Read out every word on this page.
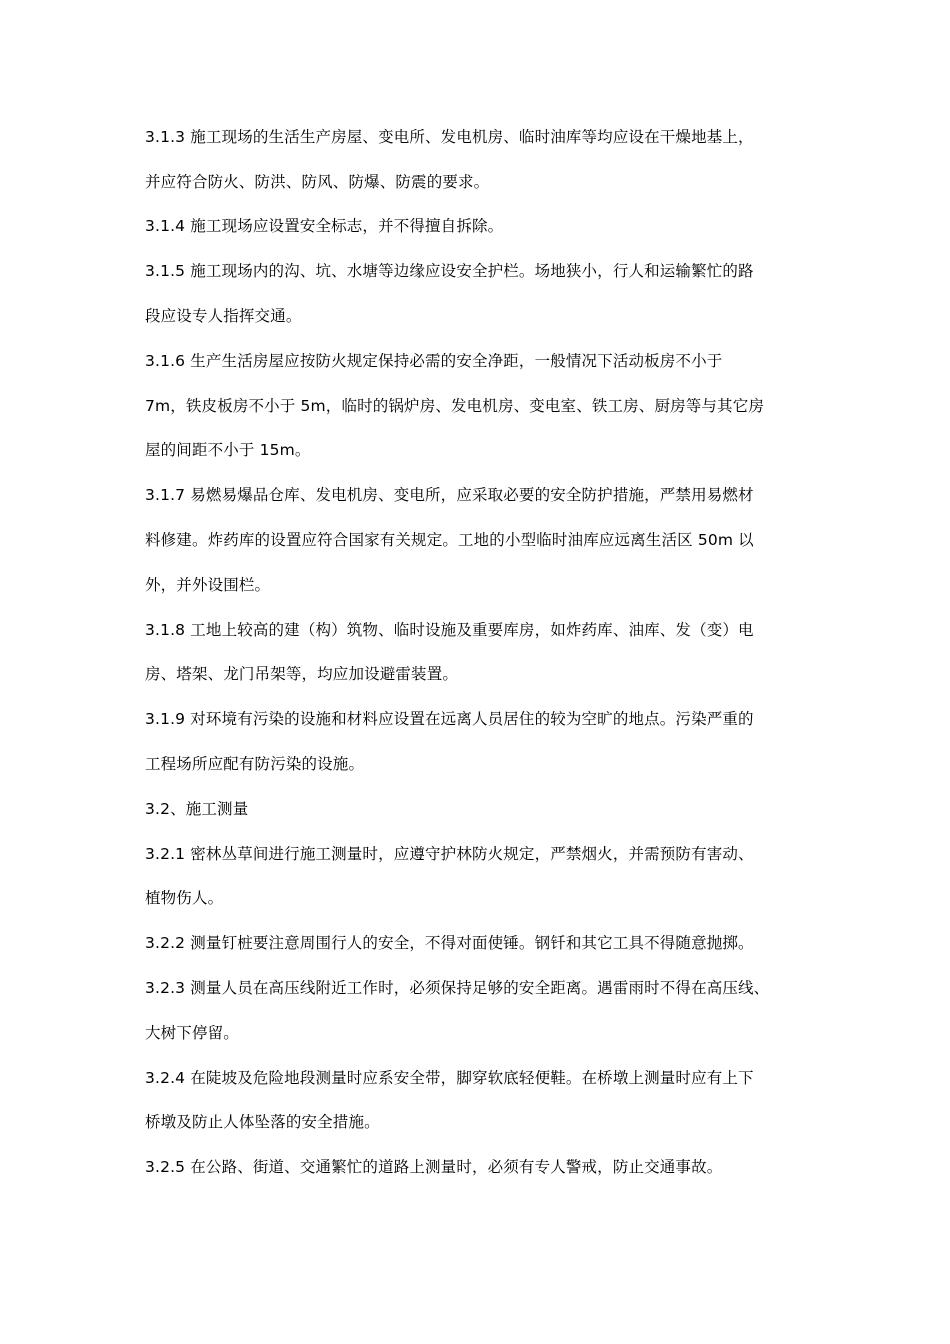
3.1.3 施工现场的生活生产房屋、变电所、发电机房、临时油库等均应设在干燥地基上，
并应符合防火、防洪、防风、防爆、防震的要求。
3.1.4 施工现场应设置安全标志，并不得擅自拆除。
3.1.5 施工现场内的沟、坑、水塘等边缘应设安全护栏。场地狭小，行人和运输繁忙的路
段应设专人指挥交通。
3.1.6 生产生活房屋应按防火规定保持必需的安全净距，一般情况下活动板房不小于
7m，铁皮板房不小于 5m，临时的锅炉房、发电机房、变电室、铁工房、厨房等与其它房
屋的间距不小于 15m。
3.1.7 易燃易爆品仓库、发电机房、变电所，应采取必要的安全防护措施，严禁用易燃材
料修建。炸药库的设置应符合国家有关规定。工地的小型临时油库应远离生活区 50m 以
外，并外设围栏。
3.1.8 工地上较高的建（构）筑物、临时设施及重要库房，如炸药库、油库、发（变）电
房、塔架、龙门吊架等，均应加设避雷装置。
3.1.9 对环境有污染的设施和材料应设置在远离人员居住的较为空旷的地点。污染严重的
工程场所应配有防污染的设施。
3.2、施工测量
3.2.1 密林丛草间进行施工测量时，应遵守护林防火规定，严禁烟火，并需预防有害动、
植物伤人。
3.2.2 测量钉桩要注意周围行人的安全，不得对面使锤。钢钎和其它工具不得随意抛掷。
3.2.3 测量人员在高压线附近工作时，必须保持足够的安全距离。遇雷雨时不得在高压线、
大树下停留。
3.2.4 在陡坡及危险地段测量时应系安全带，脚穿软底轻便鞋。在桥墩上测量时应有上下
桥墩及防止人体坠落的安全措施。
3.2.5 在公路、街道、交通繁忙的道路上测量时，必须有专人警戒，防止交通事故。
